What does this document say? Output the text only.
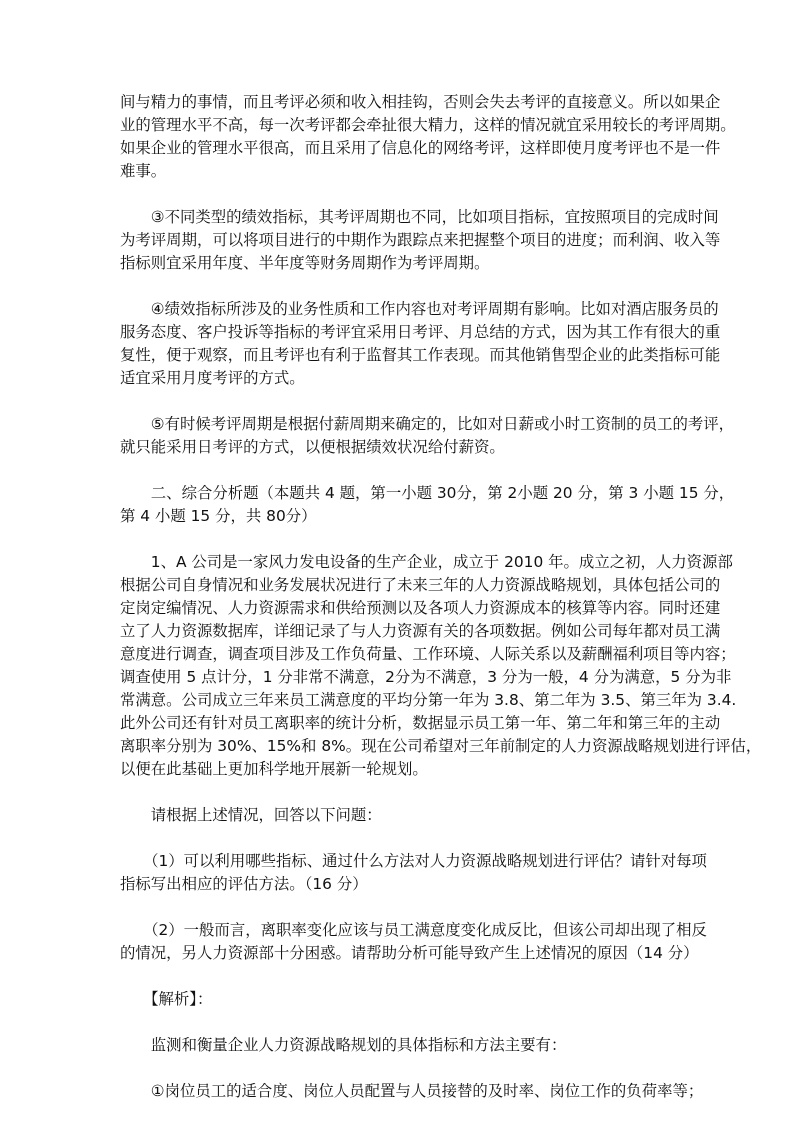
间与精力的事情，而且考评必须和收入相挂钩，否则会失去考评的直接意义。所以如果企
业的管理水平不高，每一次考评都会牵扯很大精力，这样的情况就宜采用较长的考评周期。
如果企业的管理水平很高，而且采用了信息化的网络考评，这样即使月度考评也不是一件
难事。
　　③不同类型的绩效指标，其考评周期也不同，比如项目指标，宜按照项目的完成时间
为考评周期，可以将项目进行的中期作为跟踪点来把握整个项目的进度；而利润、收入等
指标则宜采用年度、半年度等财务周期作为考评周期。
　　④绩效指标所涉及的业务性质和工作内容也对考评周期有影响。比如对酒店服务员的
服务态度、客户投诉等指标的考评宜采用日考评、月总结的方式，因为其工作有很大的重
复性，便于观察，而且考评也有利于监督其工作表现。而其他销售型企业的此类指标可能
适宜采用月度考评的方式。
　　⑤有时候考评周期是根据付薪周期来确定的，比如对日薪或小时工资制的员工的考评，
就只能采用日考评的方式，以便根据绩效状况给付薪资。
　　二、综合分析题（本题共 4 题，第一小题 30分，第 2小题 20 分，第 3 小题 15 分，
第 4 小题 15 分，共 80分）
　　1、A 公司是一家风力发电设备的生产企业，成立于 2010 年。成立之初，人力资源部
根据公司自身情况和业务发展状况进行了未来三年的人力资源战略规划，具体包括公司的
定岗定编情况、人力资源需求和供给预测以及各项人力资源成本的核算等内容。同时还建
立了人力资源数据库，详细记录了与人力资源有关的各项数据。例如公司每年都对员工满
意度进行调查，调查项目涉及工作负荷量、工作环境、人际关系以及薪酬福利项目等内容；
调查使用 5 点计分，1 分非常不满意，2分为不满意，3 分为一般，4 分为满意，5 分为非
常满意。公司成立三年来员工满意度的平均分第一年为 3.8、第二年为 3.5、第三年为 3.4.
此外公司还有针对员工离职率的统计分析，数据显示员工第一年、第二年和第三年的主动
离职率分别为 30%、15%和 8%。现在公司希望对三年前制定的人力资源战略规划进行评估，
以便在此基础上更加科学地开展新一轮规划。
　　请根据上述情况，回答以下问题：
　　（1）可以利用哪些指标、通过什么方法对人力资源战略规划进行评估？请针对每项
指标写出相应的评估方法。（16 分）
　　（2）一般而言，离职率变化应该与员工满意度变化成反比，但该公司却出现了相反
的情况，另人力资源部十分困惑。请帮助分析可能导致产生上述情况的原因（14 分）
　　【解析】：
　　监测和衡量企业人力资源战略规划的具体指标和方法主要有：
　　①岗位员工的适合度、岗位人员配置与人员接替的及时率、岗位工作的负荷率等；
